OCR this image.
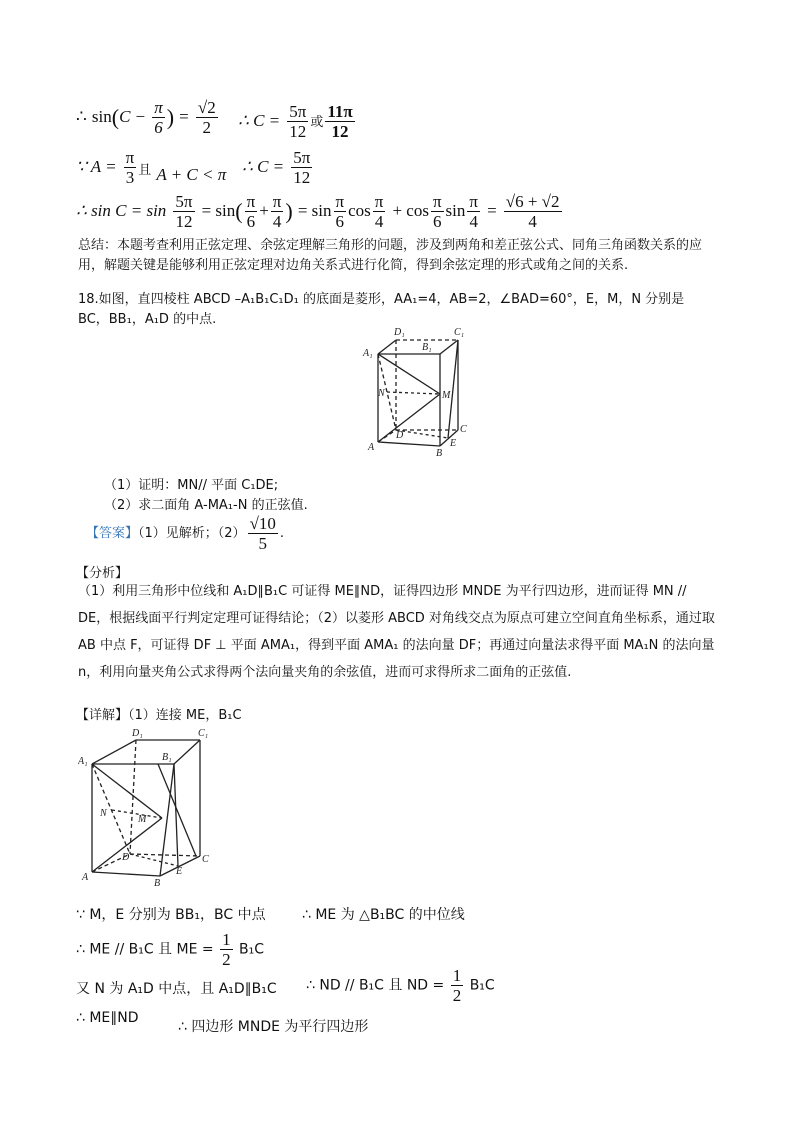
∴ $\sin(C - \frac{\pi}{6}$ ) = $\frac{√2}{2}$ ∴ $C = \frac{5\pi}{12}$ 或 $\frac{11\pi}{12}$
∵ $A = \frac{\pi}{3}$ 且 A + C < π ∴ $C = \frac{5\pi}{12}$
∴ $\sin C = \sin \frac{5\pi}{12} = \sin( \frac{\pi}{6} + \frac{\pi}{4}$ ) = $\sin \frac{\pi}{6}$ $\cos \frac{\pi}{4} + \cos \frac{\pi}{6}$ $\sin \frac{\pi}{4} = \frac{√6 + √2}{4}$
总结：本题考查利用正弦定理、余弦定理解三角形的问题，涉及到两角和差正弦公式、同角三角函数关系的应用，解题关键是能够利用正弦定理对边角关系式进行化简，得到余弦定理的形式或角之间的关系.
18.如图，直四棱柱 ABCD –A₁B₁C₁D₁ 的底面是菱形，AA₁=4，AB=2，∠BAD=60°，E，M，N 分别是 BC，BB₁，A₁D 的中点.
D₁	C₁
A₁
B₁
N	M
D
C
A
B
E
（1）证明：MN// 平面 C₁DE;
（2）求二面角 A-MA₁-N 的正弦值.
【答案】（1）见解析；$(2) \frac{√10}{5}$ .
【分析】
（1）利用三角形中位线和 A₁D∥B₁C 可证得 ME∥ND，证得四边形 MNDE 为平行四边形，进而证得 MN // DE，根据线面平行判定定理可证得结论；（2）以菱形 ABCD 对角线交点为原点可建立空间直角坐标系，通过取 AB 中点 F，可证得 DF ⊥ 平面 AMA₁，得到平面 AMA₁ 的法向量 DF；再通过向量法求得平面 MA₁N 的法向量 n，利用向量夹角公式求得两个法向量夹角的余弦值，进而可求得所求二面角的正弦值.
【详解】（1）连接 ME，B₁C
D₁	C₁
A₁	B₁
N
M
D	C
A
E
B
∵ M，E 分别为 BB₁，BC 中点	∴ ME 为 △B₁BC 的中位线
∴ ME // B₁C 且 ME = $\frac{1}{2} B_1C$
又 N 为 A₁D 中点，且 A₁D∥B₁C ∴ ND // B₁C 且 ND = $\frac{1}{2} B_1C$
∴ ME∥ND
∴ 四边形 MNDE 为平行四边形
